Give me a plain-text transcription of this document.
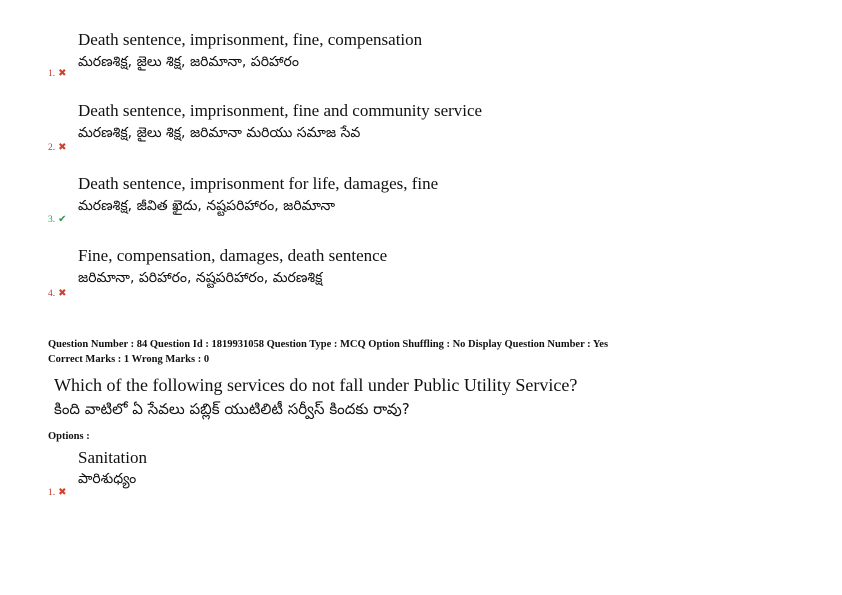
Death sentence, imprisonment, fine, compensation
మరణశిక్ష, జైలు శిక్ష, జరిమానా, పరిహారం
1. ✖
Death sentence, imprisonment, fine and community service
మరణశిక్ష, జైలు శిక్ష, జరిమానా మరియు సమాజ సేవ
2. ✖
Death sentence, imprisonment for life, damages, fine
మరణశిక్ష, జీవిత ఖైదు, నష్టపరిహారం, జరిమానా
3. ✔
Fine, compensation, damages, death sentence
జరిమానా, పరిహారం, నష్టపరిహారం, మరణశిక్ష
4. ✖
Question Number : 84 Question Id : 1819931058 Question Type : MCQ Option Shuffling : No Display Question Number : Yes
Correct Marks : 1 Wrong Marks : 0
Which of the following services do not fall under Public Utility Service?
కింది వాటిలో ఏ సేవలు పబ్లిక్ యుటిలిటీ సర్వీస్ కిందకు రావు?
Options :
Sanitation
పారిశుధ్యం
1. ✖
